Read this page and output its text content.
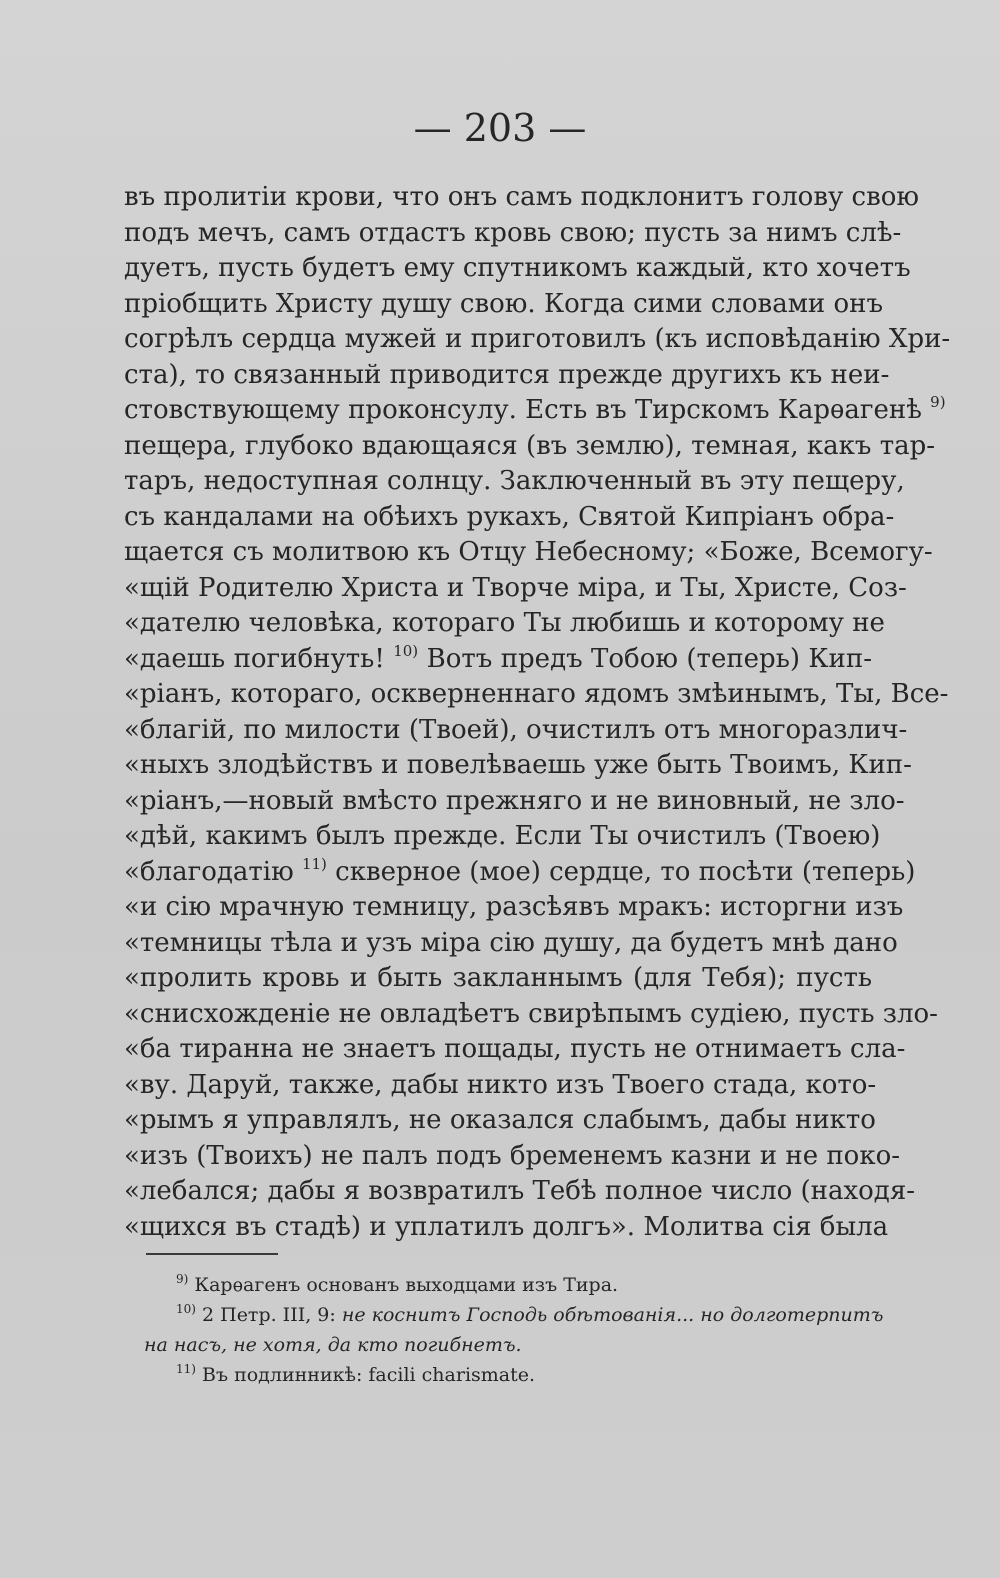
— 203 —
въ пролитіи крови, что онъ самъ подклонитъ голову свою
подъ мечъ, самъ отдастъ кровь свою; пусть за нимъ слѣ-
дуетъ, пусть будетъ ему спутникомъ каждый, кто хочетъ
пріобщить Христу душу свою. Когда сими словами онъ
согрѣлъ сердца мужей и приготовилъ (къ исповѣданію Хри-
ста), то связанный приводится прежде другихъ къ неи-
стовствующему проконсулу. Есть въ Тирскомъ Карѳагенѣ $^{9)}$
пещера, глубоко вдающаяся (въ землю), темная, какъ тар-
таръ, недоступная солнцу. Заключенный въ эту пещеру,
съ кандалами на обѣихъ рукахъ, Святой Кипріанъ обра-
щается съ молитвою къ Отцу Небесному; «Боже, Всемогу-
«щій Родителю Христа и Творче міра, и Ты, Христе, Соз-
«дателю человѣка, котораго Ты любишь и которому не
«даешь погибнуть! $^{10)}$ Вотъ предъ Тобою (теперь) Кип-
«ріанъ, котораго, оскверненнаго ядомъ змѣинымъ, Ты, Все-
«благій, по милости (Твоей), очистилъ отъ многоразлич-
«ныхъ злодѣйствъ и повелѣваешь уже быть Твоимъ, Кип-
«ріанъ,—новый вмѣсто прежняго и не виновный, не зло-
«дѣй, какимъ былъ прежде. Если Ты очистилъ (Твоею)
«благодатію $^{11)}$ скверное (мое) сердце, то посѣти (теперь)
«и сію мрачную темницу, разсѣявъ мракъ: исторгни изъ
«темницы тѣла и узъ міра сію душу, да будетъ мнѣ дано
«пролить кровь и быть закланнымъ (для Тебя); пусть
«снисхожденіе не овладѣетъ свирѣпымъ судіею, пусть зло-
«ба тиранна не знаетъ пощады, пусть не отнимаетъ сла-
«ву. Даруй, также, дабы никто изъ Твоего стада, кото-
«рымъ я управлялъ, не оказался слабымъ, дабы никто
«изъ (Твоихъ) не палъ подъ бременемъ казни и не поко-
«лебался; дабы я возвратилъ Тебѣ полное число (находя-
«щихся въ стадѣ) и уплатилъ долгъ». Молитва сія была
$^{9)}$ Карѳагенъ основанъ выходцами изъ Тира.
$^{10)}$ 2 Петр. III, 9: не коснитъ Господь обѣтованія... но долготерпитъ
на насъ, не хотя, да кто погибнетъ.
$^{11)}$ Въ подлинникѣ: facili charismate.
